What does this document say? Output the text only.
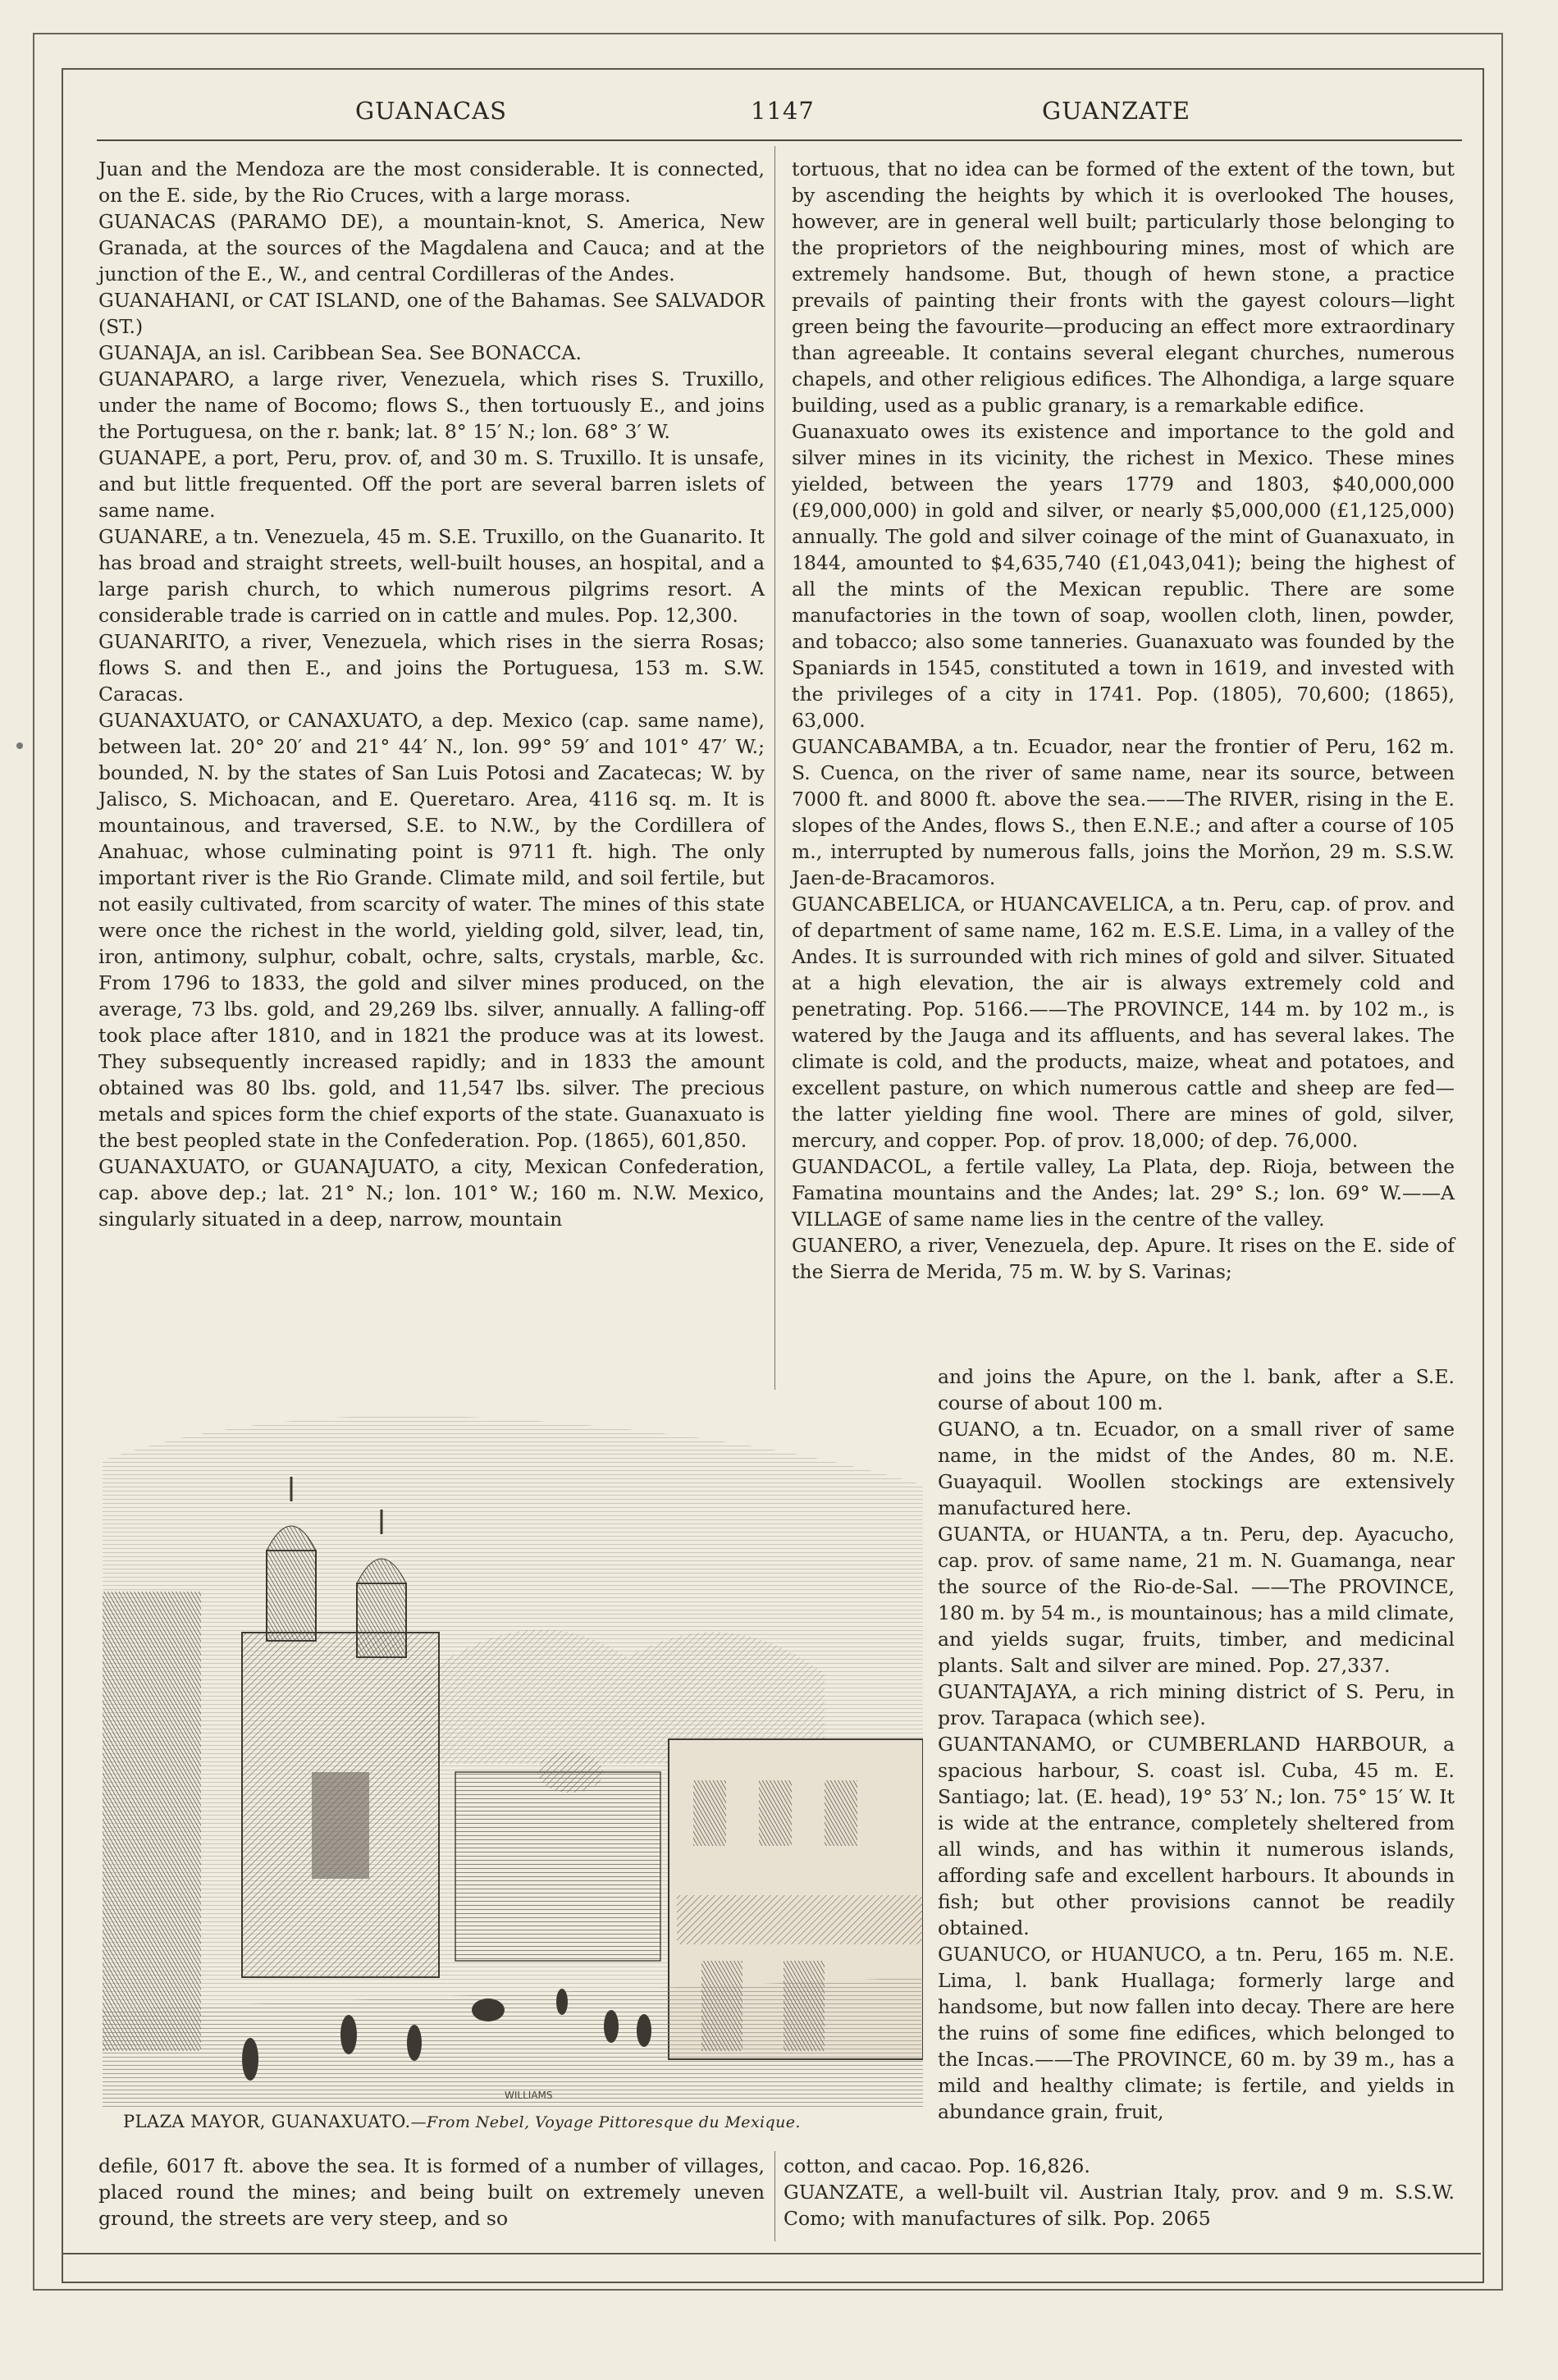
GUANACAS	1147	GUANZATE

Juan and the Mendoza are the most considerable. It is connected, on the E. side, by the Rio Cruces, with a large morass.

GUANACAS (PARAMO DE), a mountain-knot, S. America, New Granada, at the sources of the Magdalena and Cauca; and at the junction of the E., W., and central Cordilleras of the Andes.

GUANAHANI, or CAT ISLAND, one of the Bahamas. See SALVADOR (ST.)

GUANAJA, an isl. Caribbean Sea. See BONACCA.

GUANAPARO, a large river, Venezuela, which rises S. Truxillo, under the name of Bocomo; flows S., then tortuously E., and joins the Portuguesa, on the r. bank; lat. 8° 15′ N.; lon. 68° 3′ W.

GUANAPE, a port, Peru, prov. of, and 30 m. S. Truxillo. It is unsafe, and but little frequented. Off the port are several barren islets of same name.

GUANARE, a tn. Venezuela, 45 m. S.E. Truxillo, on the Guanarito. It has broad and straight streets, well-built houses, an hospital, and a large parish church, to which numerous pilgrims resort. A considerable trade is carried on in cattle and mules. Pop. 12,300.

GUANARITO, a river, Venezuela, which rises in the sierra Rosas; flows S. and then E., and joins the Portuguesa, 153 m. S.W. Caracas.

GUANAXUATO, or CANAXUATO, a dep. Mexico (cap. same name), between lat. 20° 20′ and 21° 44′ N., lon. 99° 59′ and 101° 47′ W.; bounded, N. by the states of San Luis Potosi and Zacatecas; W. by Jalisco, S. Michoacan, and E. Queretaro. Area, 4116 sq. m. It is mountainous, and traversed, S.E. to N.W., by the Cordillera of Anahuac, whose culminating point is 9711 ft. high. The only important river is the Rio Grande. Climate mild, and soil fertile, but not easily cultivated, from scarcity of water. The mines of this state were once the richest in the world, yielding gold, silver, lead, tin, iron, antimony, sulphur, cobalt, ochre, salts, crystals, marble, &c. From 1796 to 1833, the gold and silver mines produced, on the average, 73 lbs. gold, and 29,269 lbs. silver, annually. A falling-off took place after 1810, and in 1821 the produce was at its lowest. They subsequently increased rapidly; and in 1833 the amount obtained was 80 lbs. gold, and 11,547 lbs. silver. The precious metals and spices form the chief exports of the state. Guanaxuato is the best peopled state in the Confederation. Pop. (1865), 601,850.

GUANAXUATO, or GUANAJUATO, a city, Mexican Confederation, cap. above dep.; lat. 21° N.; lon. 101° W.; 160 m. N.W. Mexico, singularly situated in a deep, narrow, mountain

tortuous, that no idea can be formed of the extent of the town, but by ascending the heights by which it is overlooked The houses, however, are in general well built; particularly those belonging to the proprietors of the neighbouring mines, most of which are extremely handsome. But, though of hewn stone, a practice prevails of painting their fronts with the gayest colours—light green being the favourite—producing an effect more extraordinary than agreeable. It contains several elegant churches, numerous chapels, and other religious edifices. The Alhondiga, a large square building, used as a public granary, is a remarkable edifice.

Guanaxuato owes its existence and importance to the gold and silver mines in its vicinity, the richest in Mexico. These mines yielded, between the years 1779 and 1803, $40,000,000 (£9,000,000) in gold and silver, or nearly $5,000,000 (£1,125,000) annually. The gold and silver coinage of the mint of Guanaxuato, in 1844, amounted to $4,635,740 (£1,043,041); being the highest of all the mints of the Mexican republic. There are some manufactories in the town of soap, woollen cloth, linen, powder, and tobacco; also some tanneries. Guanaxuato was founded by the Spaniards in 1545, constituted a town in 1619, and invested with the privileges of a city in 1741. Pop. (1805), 70,600; (1865), 63,000.

GUANCABAMBA, a tn. Ecuador, near the frontier of Peru, 162 m. S. Cuenca, on the river of same name, near its source, between 7000 ft. and 8000 ft. above the sea.——The RIVER, rising in the E. slopes of the Andes, flows S., then E.N.E.; and after a course of 105 m., interrupted by numerous falls, joins the Morňon, 29 m. S.S.W. Jaen-de-Bracamoros.

GUANCABELICA, or HUANCAVELICA, a tn. Peru, cap. of prov. and of department of same name, 162 m. E.S.E. Lima, in a valley of the Andes. It is surrounded with rich mines of gold and silver. Situated at a high elevation, the air is always extremely cold and penetrating. Pop. 5166.——The PROVINCE, 144 m. by 102 m., is watered by the Jauga and its affluents, and has several lakes. The climate is cold, and the products, maize, wheat and potatoes, and excellent pasture, on which numerous cattle and sheep are fed—the latter yielding fine wool. There are mines of gold, silver, mercury, and copper. Pop. of prov. 18,000; of dep. 76,000.

GUANDACOL, a fertile valley, La Plata, dep. Rioja, between the Famatina mountains and the Andes; lat. 29° S.; lon. 69° W.——A VILLAGE of same name lies in the centre of the valley.

GUANERO, a river, Venezuela, dep. Apure. It rises on the E. side of the Sierra de Merida, 75 m. W. by S. Varinas;

and joins the Apure, on the l. bank, after a S.E. course of about 100 m.

GUANO, a tn. Ecuador, on a small river of same name, in the midst of the Andes, 80 m. N.E. Guayaquil. Woollen stockings are extensively manufactured here.

GUANTA, or HUANTA, a tn. Peru, dep. Ayacucho, cap. prov. of same name, 21 m. N. Guamanga, near the source of the Rio-de-Sal. ——The PROVINCE, 180 m. by 54 m., is mountainous; has a mild climate, and yields sugar, fruits, timber, and medicinal plants. Salt and silver are mined. Pop. 27,337.

GUANTAJAYA, a rich mining district of S. Peru, in prov. Tarapaca (which see).

GUANTANAMO, or CUMBERLAND HARBOUR, a spacious harbour, S. coast isl. Cuba, 45 m. E. Santiago; lat. (E. head), 19° 53′ N.; lon. 75° 15′ W. It is wide at the entrance, completely sheltered from all winds, and has within it numerous islands, affording safe and excellent harbours. It abounds in fish; but other provisions cannot be readily obtained.

GUANUCO, or HUANUCO, a tn. Peru, 165 m. N.E. Lima, l. bank Huallaga; formerly large and handsome, but now fallen into decay. There are here the ruins of some fine edifices, which belonged to the Incas.——The PROVINCE, 60 m. by 39 m., has a mild and healthy climate; is fertile, and yields in abundance grain, fruit,

WILLIAMS
PLAZA MAYOR, GUANAXUATO.—From Nebel, Voyage Pittoresque du Mexique.

defile, 6017 ft. above the sea. It is formed of a number of villages, placed round the mines; and being built on extremely uneven ground, the streets are very steep, and so

cotton, and cacao. Pop. 16,826.

GUANZATE, a well-built vil. Austrian Italy, prov. and 9 m. S.S.W. Como; with manufactures of silk. Pop. 2065
